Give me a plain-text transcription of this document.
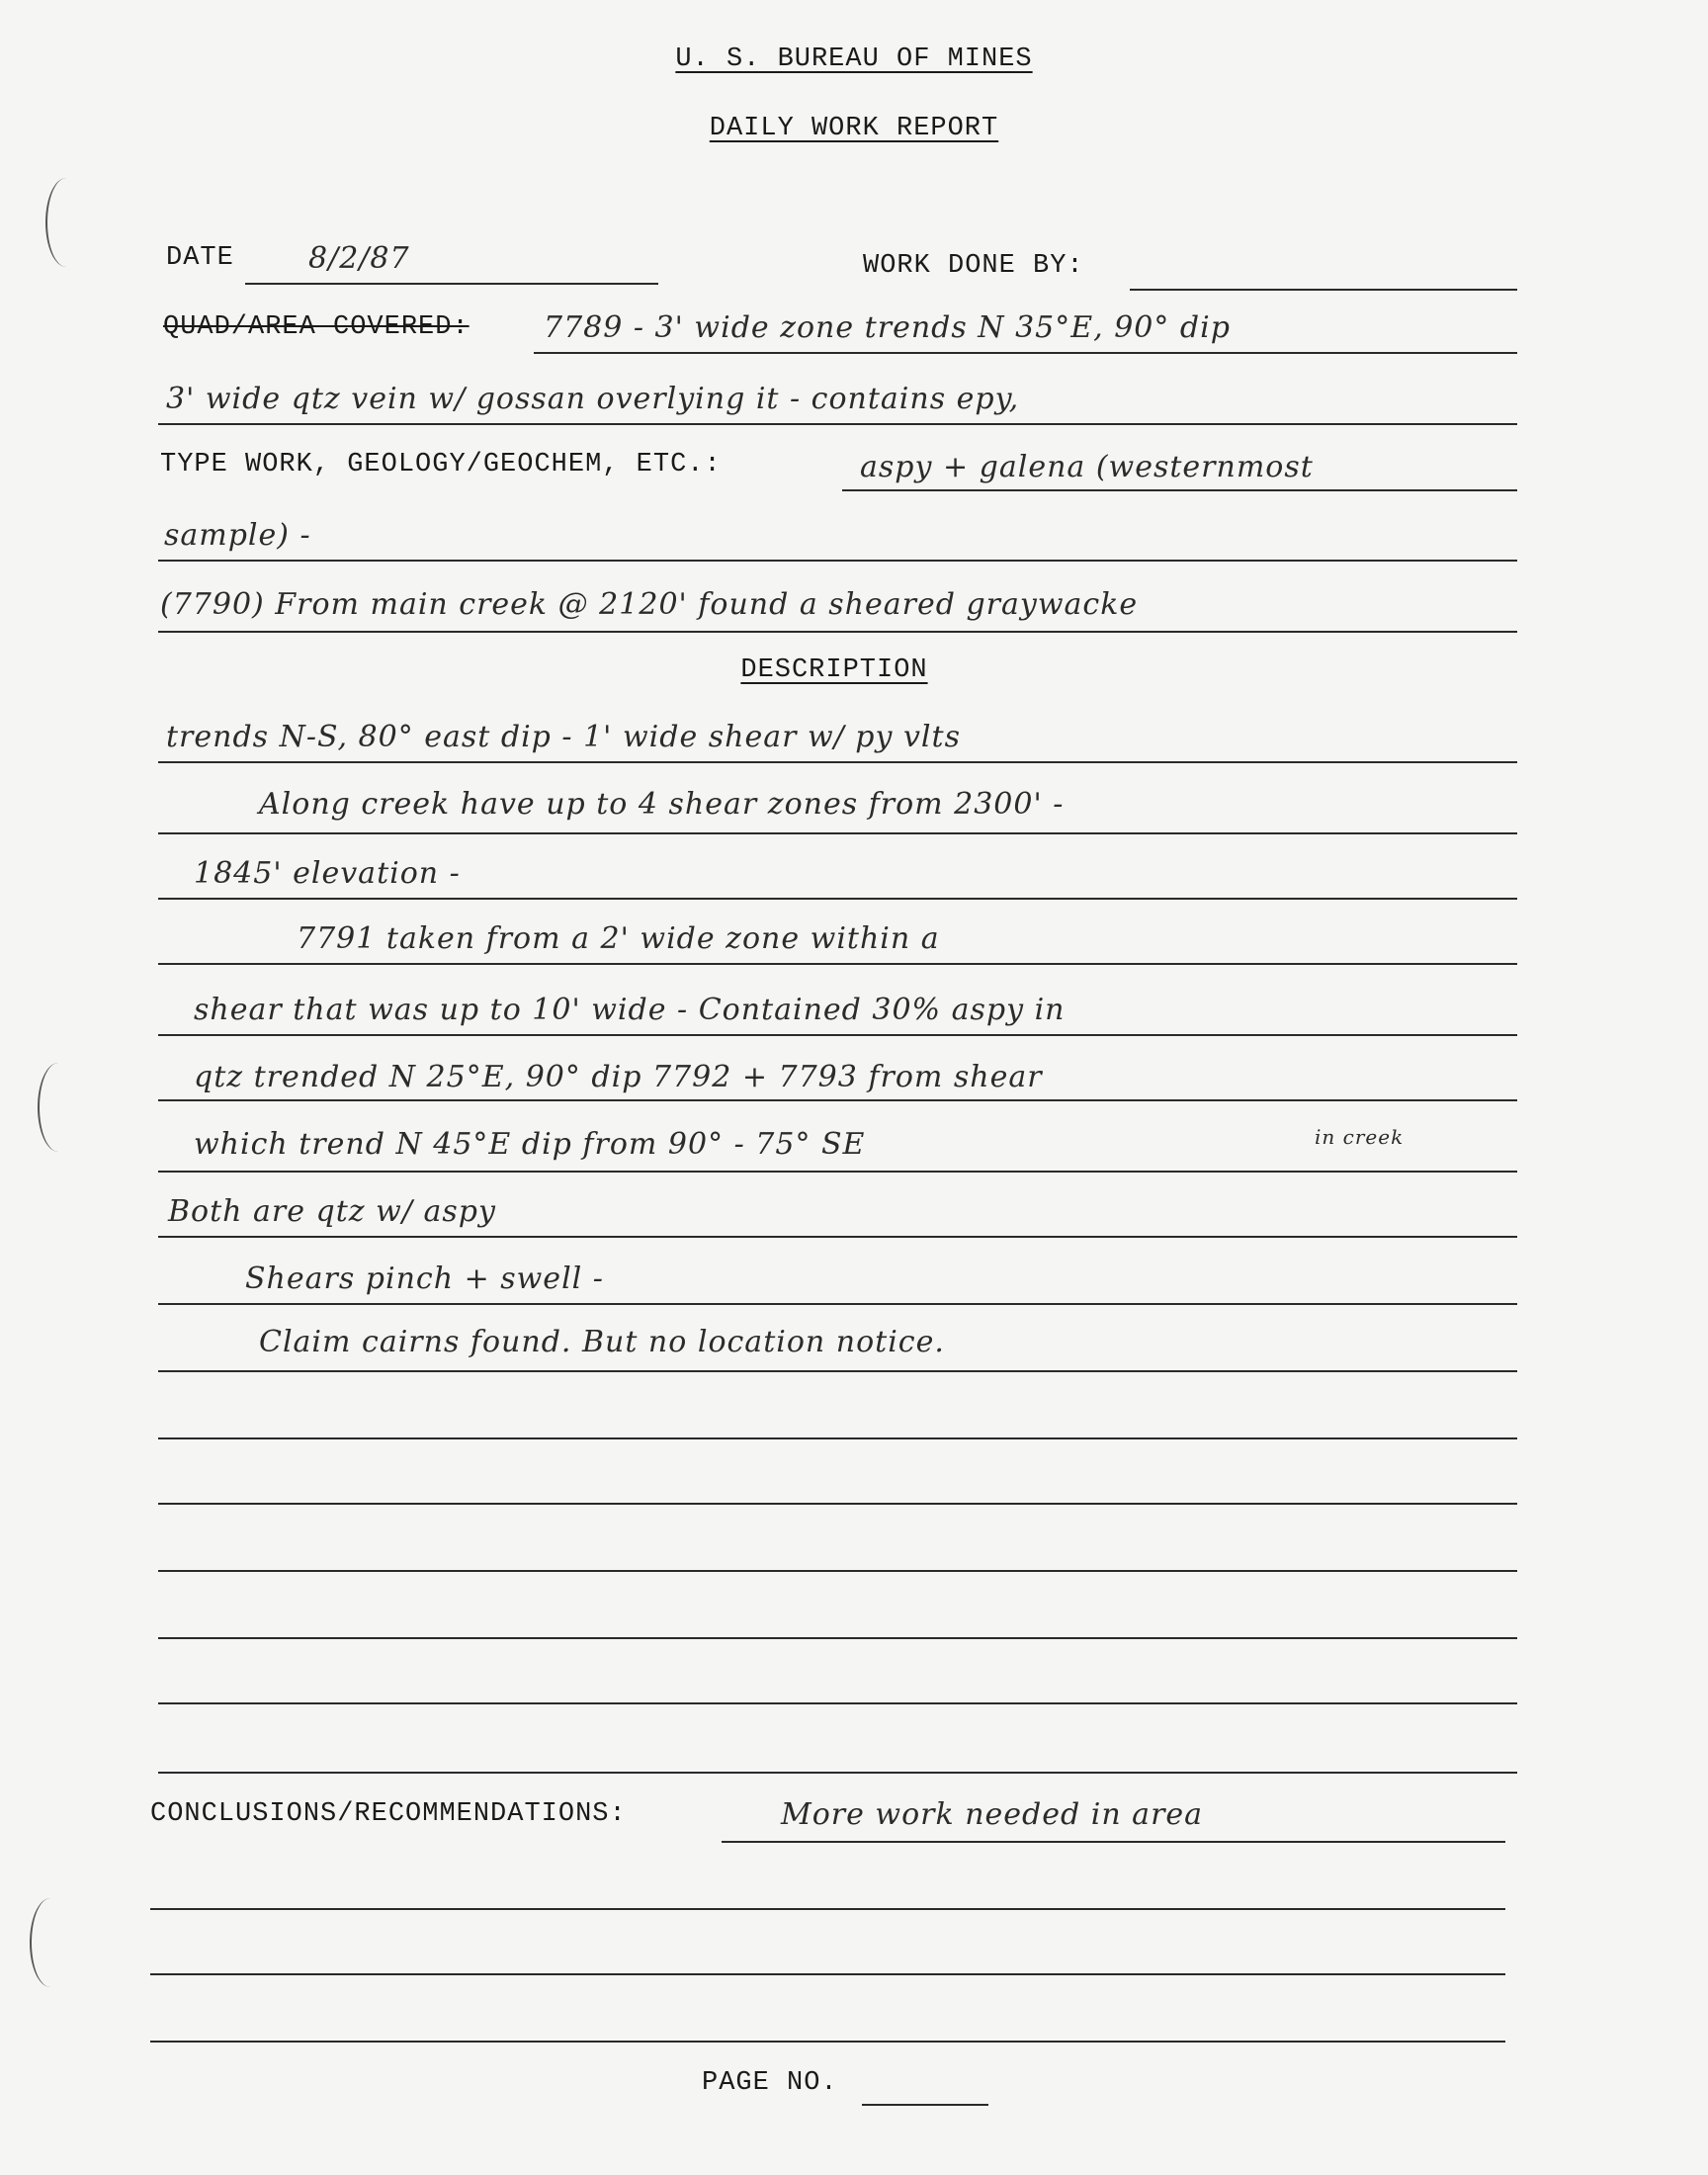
U. S. BUREAU OF MINES
DAILY WORK REPORT
DATE	8/2/87	WORK DONE BY:
QUAD/AREA COVERED:	7789 - 3' wide zone trends N 35°E, 90° dip
3' wide qtz vein w/ gossan overlying it - contains epy,
TYPE WORK, GEOLOGY/GEOCHEM, ETC.:	aspy + galena (westernmost
sample) -
(7790) From main creek @ 2120' found a sheared graywacke
DESCRIPTION
trends N-S, 80° east dip - 1' wide shear w/ py vlts
Along creek have up to 4 shear zones from 2300' -
1845' elevation -
7791 taken from a 2' wide zone within a
shear that was up to 10' wide - Contained 30% aspy in
qtz trended N 25°E, 90° dip 7792 + 7793 from shear
which trend N 45°E dip from 90° - 75° SE	in creek
Both are qtz w/ aspy
Shears pinch + swell -
Claim cairns found. But no location notice.
CONCLUSIONS/RECOMMENDATIONS:	More work needed in area
PAGE NO.
